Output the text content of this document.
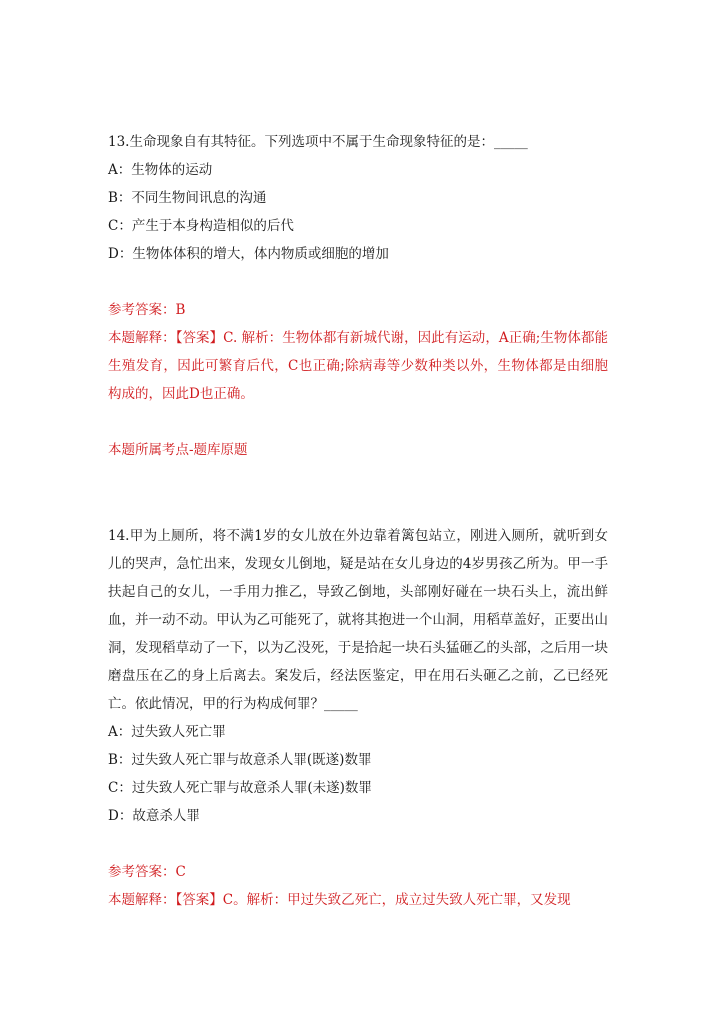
13.生命现象自有其特征。下列选项中不属于生命现象特征的是：_____
A：生物体的运动
B：不同生物间讯息的沟通
C：产生于本身构造相似的后代
D：生物体体积的增大，体内物质或细胞的增加
参考答案：B
本题解释：【答案】C. 解析：生物体都有新城代谢，因此有运动，A正确;生物体都能生殖发育，因此可繁育后代，C也正确;除病毒等少数种类以外，生物体都是由细胞构成的，因此D也正确。
本题所属考点-题库原题
14.甲为上厕所，将不满1岁的女儿放在外边靠着篱包站立，刚进入厕所，就听到女儿的哭声，急忙出来，发现女儿倒地，疑是站在女儿身边的4岁男孩乙所为。甲一手扶起自己的女儿，一手用力推乙，导致乙倒地，头部刚好碰在一块石头上，流出鲜血，并一动不动。甲认为乙可能死了，就将其抱进一个山洞，用稻草盖好，正要出山洞，发现稻草动了一下，以为乙没死，于是拾起一块石头猛砸乙的头部，之后用一块磨盘压在乙的身上后离去。案发后，经法医鉴定，甲在用石头砸乙之前，乙已经死亡。依此情况，甲的行为构成何罪？_____
A：过失致人死亡罪
B：过失致人死亡罪与故意杀人罪(既遂)数罪
C：过失致人死亡罪与故意杀人罪(未遂)数罪
D：故意杀人罪
参考答案：C
本题解释：【答案】C。解析：甲过失致乙死亡，成立过失致人死亡罪，又发现
